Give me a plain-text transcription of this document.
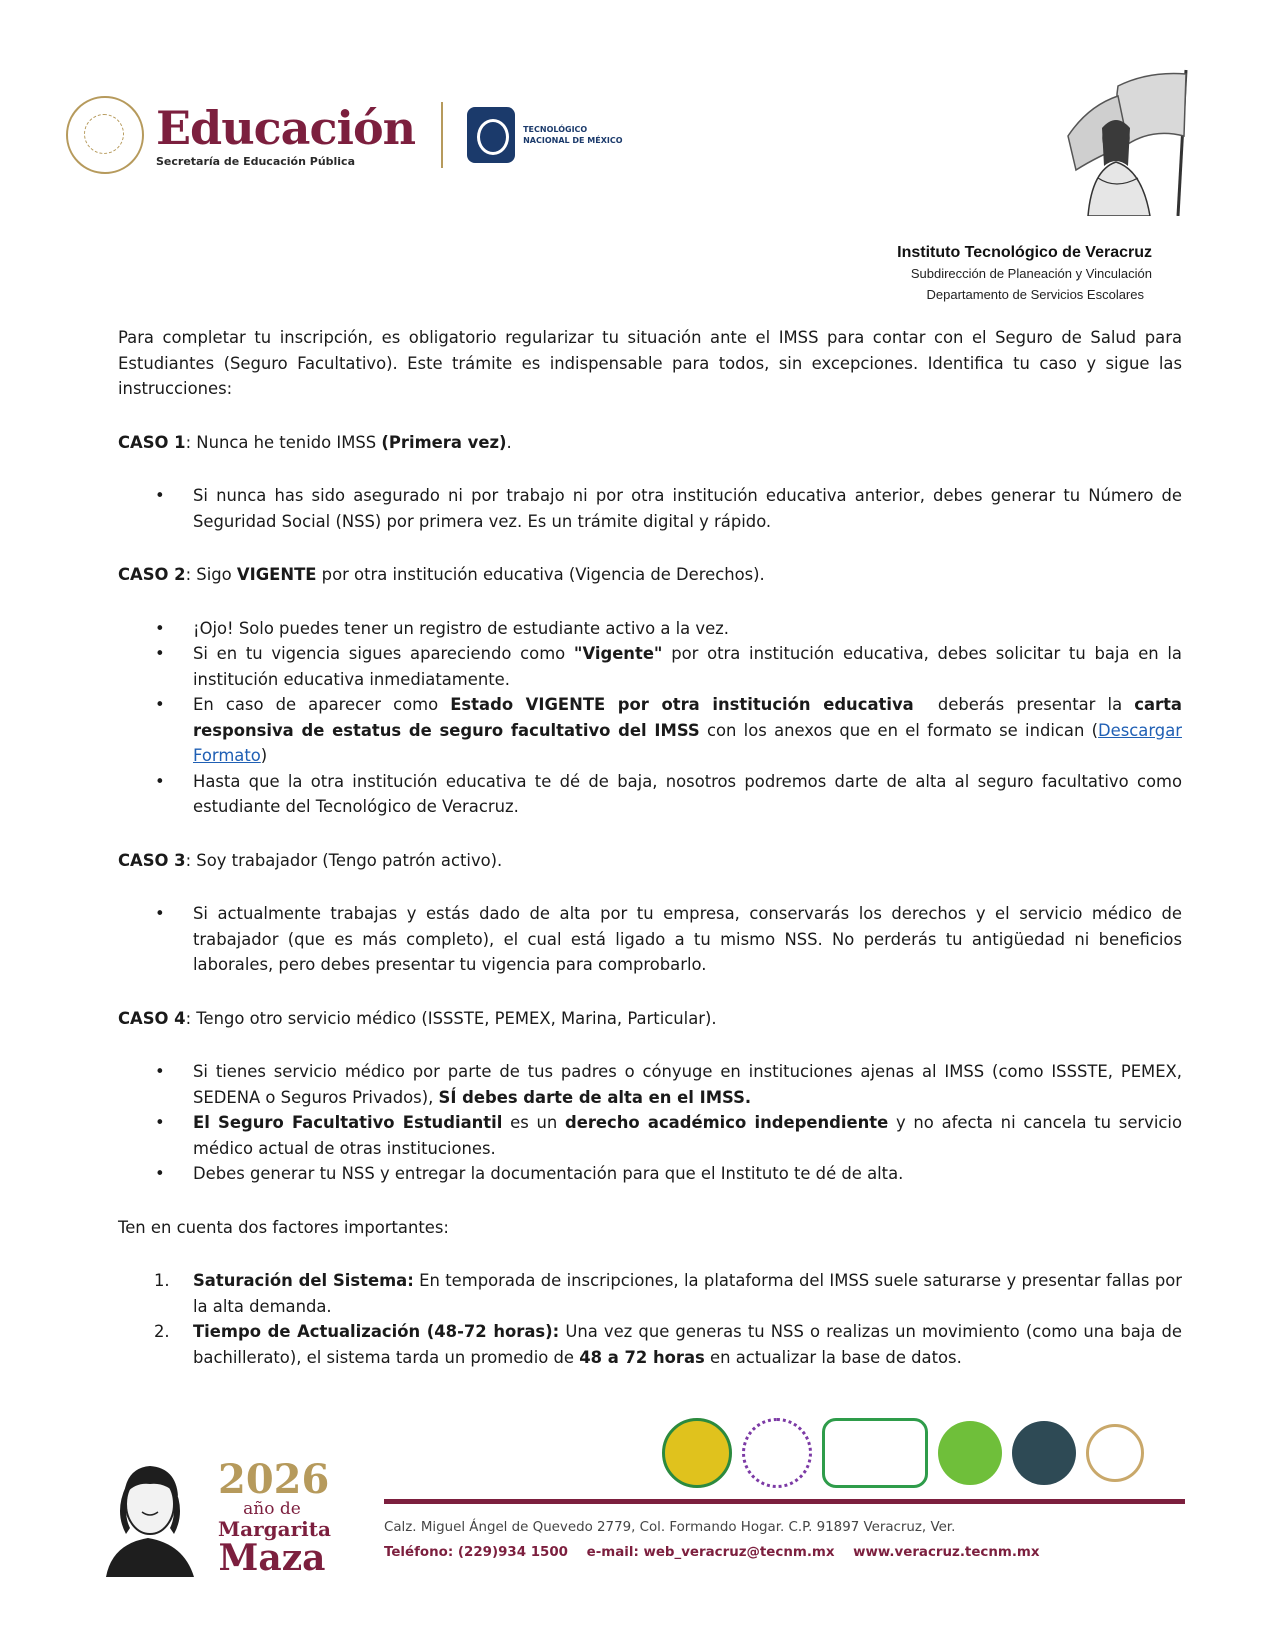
Educación
Secretaría de Educación Pública
TECNOLÓGICO
NACIONAL DE MÉXICO
Instituto Tecnológico de Veracruz
Subdirección de Planeación y Vinculación
Departamento de Servicios Escolares

Para completar tu inscripción, es obligatorio regularizar tu situación ante el IMSS para contar con el Seguro de Salud para Estudiantes (Seguro Facultativo). Este trámite es indispensable para todos, sin excepciones. Identifica tu caso y sigue las instrucciones:

CASO 1: Nunca he tenido IMSS (Primera vez).

• Si nunca has sido asegurado ni por trabajo ni por otra institución educativa anterior, debes generar tu Número de Seguridad Social (NSS) por primera vez. Es un trámite digital y rápido.

CASO 2: Sigo VIGENTE por otra institución educativa (Vigencia de Derechos).

• ¡Ojo! Solo puedes tener un registro de estudiante activo a la vez.
• Si en tu vigencia sigues apareciendo como "Vigente" por otra institución educativa, debes solicitar tu baja en la institución educativa inmediatamente.
• En caso de aparecer como Estado VIGENTE por otra institución educativa  deberás presentar la carta responsiva de estatus de seguro facultativo del IMSS con los anexos que en el formato se indican (Descargar Formato)
• Hasta que la otra institución educativa te dé de baja, nosotros podremos darte de alta al seguro facultativo como estudiante del Tecnológico de Veracruz.

CASO 3: Soy trabajador (Tengo patrón activo).

• Si actualmente trabajas y estás dado de alta por tu empresa, conservarás los derechos y el servicio médico de trabajador (que es más completo), el cual está ligado a tu mismo NSS. No perderás tu antigüedad ni beneficios laborales, pero debes presentar tu vigencia para comprobarlo.

CASO 4: Tengo otro servicio médico (ISSSTE, PEMEX, Marina, Particular).

• Si tienes servicio médico por parte de tus padres o cónyuge en instituciones ajenas al IMSS (como ISSSTE, PEMEX, SEDENA o Seguros Privados), SÍ debes darte de alta en el IMSS.
• El Seguro Facultativo Estudiantil es un derecho académico independiente y no afecta ni cancela tu servicio médico actual de otras instituciones.
• Debes generar tu NSS y entregar la documentación para que el Instituto te dé de alta.

Ten en cuenta dos factores importantes:

1. Saturación del Sistema: En temporada de inscripciones, la plataforma del IMSS suele saturarse y presentar fallas por la alta demanda.
2. Tiempo de Actualización (48-72 horas): Una vez que generas tu NSS o realizas un movimiento (como una baja de bachillerato), el sistema tarda un promedio de 48 a 72 horas en actualizar la base de datos.
2026
año de
Margarita
Maza
Calz. Miguel Ángel de Quevedo 2779, Col. Formando Hogar. C.P. 91897 Veracruz, Ver.
Teléfono: (229)934 1500 e-mail: web_veracruz@tecnm.mx www.veracruz.tecnm.mx
